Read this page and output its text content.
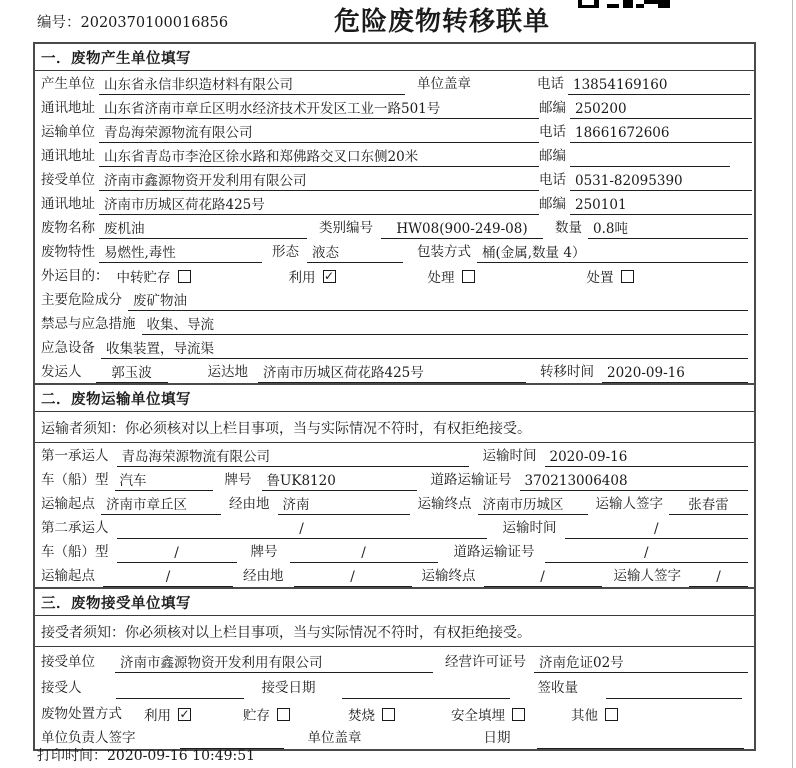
编号：2020370100016856	危险废物转移联单
一．废物产生单位填写
产生单位 山东省永信非织造材料有限公司	单位盖章	电话 13854169160
通讯地址 山东省济南市章丘区明水经济技术开发区工业一路501号	邮编 250200
运输单位 青岛海荣源物流有限公司	电话 18661672606
通讯地址 山东省青岛市李沧区徐水路和郑佛路交叉口东侧20米	邮编
接受单位 济南市鑫源物资开发利用有限公司	电话 0531-82095390
通讯地址 济南市历城区荷花路425号	邮编 250101
废物名称 废机油	类别编号	HW08(900-249-08)	数量 0.8吨
废物特性 易燃性,毒性	形态 液态	包装方式 桶(金属,数量 4）
外运目的： 中转贮存	利用 ✓	处理	处置
主要危险成分 废矿物油
禁忌与应急措施 收集、导流
应急设备 收集装置，导流渠
发运人	郭玉波	运达地	济南市历城区荷花路425号	转移时间 2020-09-16
二．废物运输单位填写
运输者须知： 你必须核对以上栏目事项，当与实际情况不符时，有权拒绝接受。
第一承运人 青岛海荣源物流有限公司	运输时间 2020-09-16
车（船）型 汽车	牌号	鲁UK8120	道路运输证号 370213006408
运输起点 济南市章丘区	经由地 济南	运输终点 济南市历城区	运输人签字	张春雷
第二承运人	/	运输时间	/
车（船）型	/	牌号	/	道路运输证号	/
运输起点	/	经由地	/	运输终点	/	运输人签字	/
三．废物接受单位填写
接受者须知： 你必须核对以上栏目事项，当与实际情况不符时，有权拒绝接受。
接受单位	济南市鑫源物资开发利用有限公司	经营许可证号 济南危证02号
接受人	接受日期	签收量
废物处置方式 利用 ✓	贮存	焚烧	安全填埋	其他
单位负责人签字	单位盖章	日期
打印时间：2020-09-16 10:49:51
